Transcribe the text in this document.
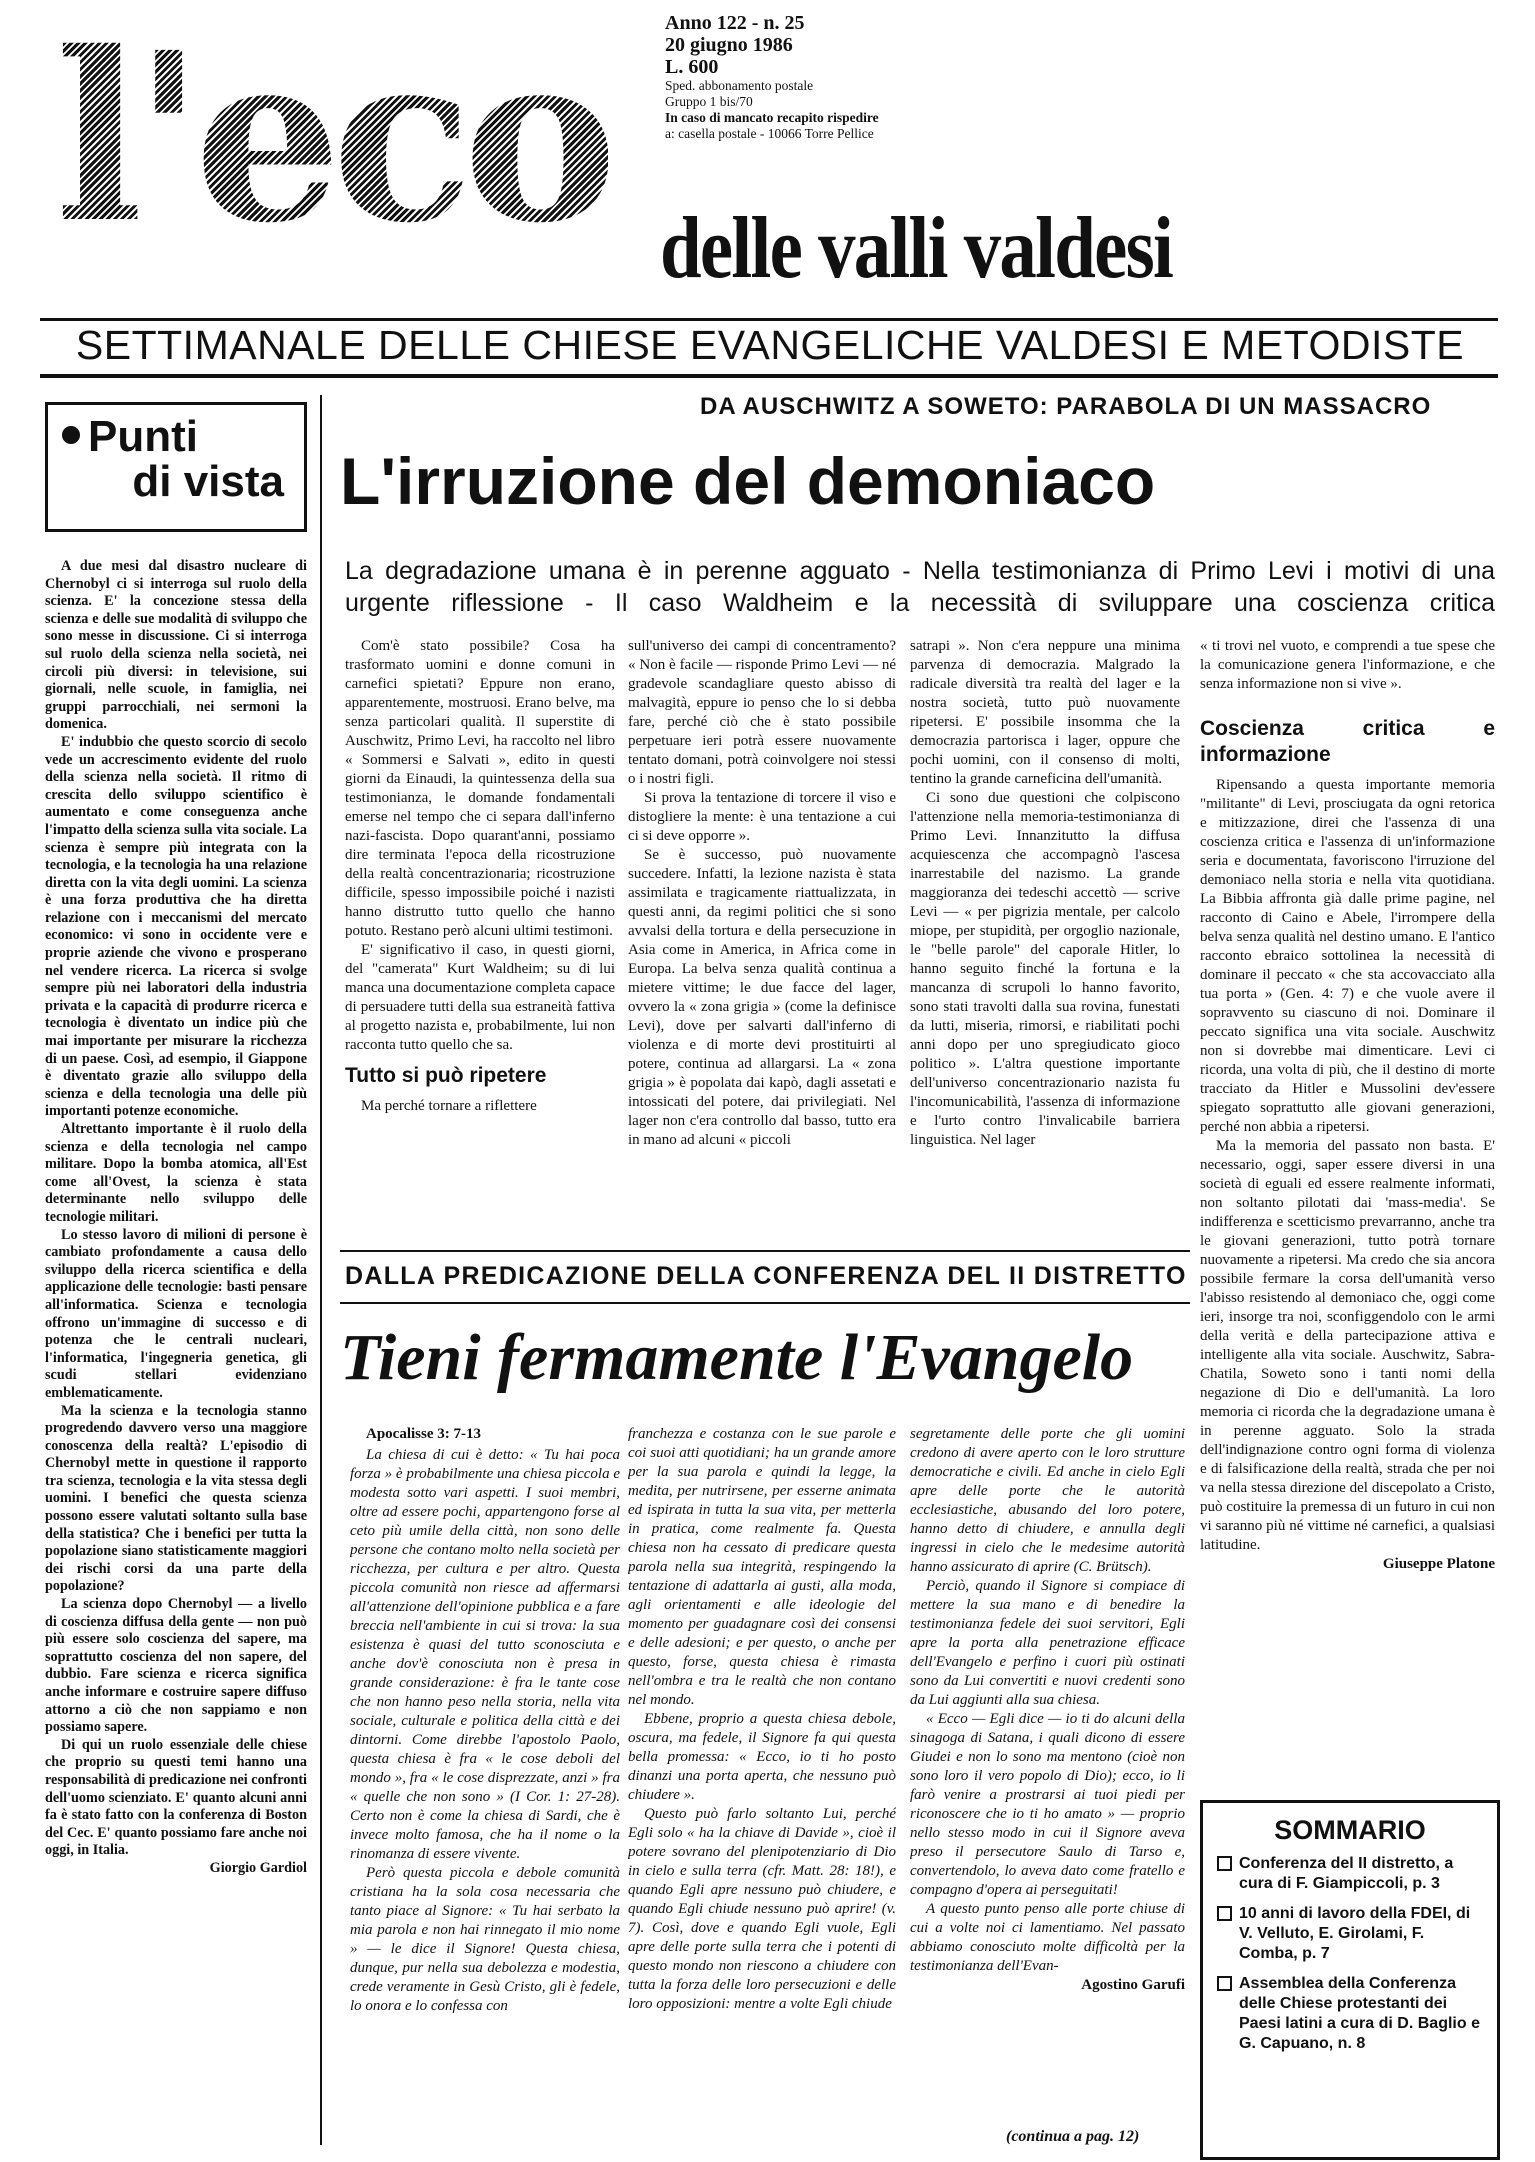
l'eco	Anno 122 - n. 25
20 giugno 1986
L. 600
Sped. abbonamento postale
Gruppo 1 bis/70
In caso di mancato recapito rispedire
a: casella postale - 10066 Torre Pellice
delle valli valdesi
SETTIMANALE DELLE CHIESE EVANGELICHE VALDESI E METODISTE
Punti
di vista

A due mesi dal disastro nucleare di Chernobyl ci si interroga sul ruolo della scienza. E' la concezione stessa della scienza e delle sue modalità di sviluppo che sono messe in discussione. Ci si interroga sul ruolo della scienza nella società, nei circoli più diversi: in televisione, sui giornali, nelle scuole, in famiglia, nei gruppi parrocchiali, nei sermoni la domenica.

E' indubbio che questo scorcio di secolo vede un accrescimento evidente del ruolo della scienza nella società. Il ritmo di crescita dello sviluppo scientifico è aumentato e come conseguenza anche l'impatto della scienza sulla vita sociale. La scienza è sempre più integrata con la tecnologia, e la tecnologia ha una relazione diretta con la vita degli uomini. La scienza è una forza produttiva che ha diretta relazione con i meccanismi del mercato economico: vi sono in occidente vere e proprie aziende che vivono e prosperano nel vendere ricerca. La ricerca si svolge sempre più nei laboratori della industria privata e la capacità di produrre ricerca e tecnologia è diventato un indice più che mai importante per misurare la ricchezza di un paese. Così, ad esempio, il Giappone è diventato grazie allo sviluppo della scienza e della tecnologia una delle più importanti potenze economiche.

Altrettanto importante è il ruolo della scienza e della tecnologia nel campo militare. Dopo la bomba atomica, all'Est come all'Ovest, la scienza è stata determinante nello sviluppo delle tecnologie militari.

Lo stesso lavoro di milioni di persone è cambiato profondamente a causa dello sviluppo della ricerca scientifica e della applicazione delle tecnologie: basti pensare all'informatica. Scienza e tecnologia offrono un'immagine di successo e di potenza che le centrali nucleari, l'informatica, l'ingegneria genetica, gli scudi stellari evidenziano emblematicamente.

Ma la scienza e la tecnologia stanno progredendo davvero verso una maggiore conoscenza della realtà? L'episodio di Chernobyl mette in questione il rapporto tra scienza, tecnologia e la vita stessa degli uomini. I benefici che questa scienza possono essere valutati soltanto sulla base della statistica? Che i benefici per tutta la popolazione siano statisticamente maggiori dei rischi corsi da una parte della popolazione?

La scienza dopo Chernobyl — a livello di coscienza diffusa della gente — non può più essere solo coscienza del sapere, ma soprattutto coscienza del non sapere, del dubbio. Fare scienza e ricerca significa anche informare e costruire sapere diffuso attorno a ciò che non sappiamo e non possiamo sapere.

Di qui un ruolo essenziale delle chiese che proprio su questi temi hanno una responsabilità di predicazione nei confronti dell'uomo scienziato. E' quanto alcuni anni fa è stato fatto con la conferenza di Boston del Cec. E' quanto possiamo fare anche noi oggi, in Italia.

Giorgio Gardiol

DA AUSCHWITZ A SOWETO: PARABOLA DI UN MASSACRO
L'irruzione del demoniaco
La degradazione umana è in perenne agguato - Nella testimonianza di Primo Levi i motivi di una urgente riflessione - Il caso Waldheim e la necessità di sviluppare una coscienza critica

Com'è stato possibile? Cosa ha trasformato uomini e donne comuni in carnefici spietati? Eppure non erano, apparentemente, mostruosi. Erano belve, ma senza particolari qualità. Il superstite di Auschwitz, Primo Levi, ha raccolto nel libro « Sommersi e Salvati », edito in questi giorni da Einaudi, la quintessenza della sua testimonianza, le domande fondamentali emerse nel tempo che ci separa dall'inferno nazi-fascista. Dopo quarant'anni, possiamo dire terminata l'epoca della ricostruzione della realtà concentrazionaria; ricostruzione difficile, spesso impossibile poiché i nazisti hanno distrutto tutto quello che hanno potuto. Restano però alcuni ultimi testimoni.

E' significativo il caso, in questi giorni, del "camerata" Kurt Waldheim; su di lui manca una documentazione completa capace di persuadere tutti della sua estraneità fattiva al progetto nazista e, probabilmente, lui non racconta tutto quello che sa.

Tutto si può ripetere

Ma perché tornare a riflettere

sull'universo dei campi di concentramento? « Non è facile — risponde Primo Levi — né gradevole scandagliare questo abisso di malvagità, eppure io penso che lo si debba fare, perché ciò che è stato possibile perpetuare ieri potrà essere nuovamente tentato domani, potrà coinvolgere noi stessi o i nostri figli.

Si prova la tentazione di torcere il viso e distogliere la mente: è una tentazione a cui ci si deve opporre ».

Se è successo, può nuovamente succedere. Infatti, la lezione nazista è stata assimilata e tragicamente riattualizzata, in questi anni, da regimi politici che si sono avvalsi della tortura e della persecuzione in Asia come in America, in Africa come in Europa. La belva senza qualità continua a mietere vittime; le due facce del lager, ovvero la « zona grigia » (come la definisce Levi), dove per salvarti dall'inferno di violenza e di morte devi prostituirti al potere, continua ad allargarsi. La « zona grigia » è popolata dai kapò, dagli assetati e intossicati del potere, dai privilegiati. Nel lager non c'era controllo dal basso, tutto era in mano ad alcuni « piccoli

satrapi ». Non c'era neppure una minima parvenza di democrazia. Malgrado la radicale diversità tra realtà del lager e la nostra società, tutto può nuovamente ripetersi. E' possibile insomma che la democrazia partorisca i lager, oppure che pochi uomini, con il consenso di molti, tentino la grande carneficina dell'umanità.

Ci sono due questioni che colpiscono l'attenzione nella memoria-testimonianza di Primo Levi. Innanzitutto la diffusa acquiescenza che accompagnò l'ascesa inarrestabile del nazismo. La grande maggioranza dei tedeschi accettò — scrive Levi — « per pigrizia mentale, per calcolo miope, per stupidità, per orgoglio nazionale, le "belle parole" del caporale Hitler, lo hanno seguito finché la fortuna e la mancanza di scrupoli lo hanno favorito, sono stati travolti dalla sua rovina, funestati da lutti, miseria, rimorsi, e riabilitati pochi anni dopo per uno spregiudicato gioco politico ». L'altra questione importante dell'universo concentrazionario nazista fu l'incomunicabilità, l'assenza di informazione e l'urto contro l'invalicabile barriera linguistica. Nel lager

« ti trovi nel vuoto, e comprendi a tue spese che la comunicazione genera l'informazione, e che senza informazione non si vive ».

Coscienza critica e informazione

Ripensando a questa importante memoria "militante" di Levi, prosciugata da ogni retorica e mitizzazione, direi che l'assenza di una coscienza critica e l'assenza di un'informazione seria e documentata, favoriscono l'irruzione del demoniaco nella storia e nella vita quotidiana. La Bibbia affronta già dalle prime pagine, nel racconto di Caino e Abele, l'irrompere della belva senza qualità nel destino umano. E l'antico racconto ebraico sottolinea la necessità di dominare il peccato « che sta accovacciato alla tua porta » (Gen. 4: 7) e che vuole avere il sopravvento su ciascuno di noi. Dominare il peccato significa una vita sociale. Auschwitz non si dovrebbe mai dimenticare. Levi ci ricorda, una volta di più, che il destino di morte tracciato da Hitler e Mussolini dev'essere spiegato soprattutto alle giovani generazioni, perché non abbia a ripetersi.

Ma la memoria del passato non basta. E' necessario, oggi, saper essere diversi in una società di eguali ed essere realmente informati, non soltanto pilotati dai 'mass-media'. Se indifferenza e scetticismo prevarranno, anche tra le giovani generazioni, tutto potrà tornare nuovamente a ripetersi. Ma credo che sia ancora possibile fermare la corsa dell'umanità verso l'abisso resistendo al demoniaco che, oggi come ieri, insorge tra noi, sconfiggendolo con le armi della verità e della partecipazione attiva e intelligente alla vita sociale. Auschwitz, Sabra-Chatila, Soweto sono i tanti nomi della negazione di Dio e dell'umanità. La loro memoria ci ricorda che la degradazione umana è in perenne agguato. Solo la strada dell'indignazione contro ogni forma di violenza e di falsificazione della realtà, strada che per noi va nella stessa direzione del discepolato a Cristo, può costituire la premessa di un futuro in cui non vi saranno più né vittime né carnefici, a qualsiasi latitudine.

Giuseppe Platone

DALLA PREDICAZIONE DELLA CONFERENZA DEL II DISTRETTO
Tieni fermamente l'Evangelo

Apocalisse 3: 7-13

La chiesa di cui è detto: « Tu hai poca forza » è probabilmente una chiesa piccola e modesta sotto vari aspetti. I suoi membri, oltre ad essere pochi, appartengono forse al ceto più umile della città, non sono delle persone che contano molto nella società per ricchezza, per cultura e per altro. Questa piccola comunità non riesce ad affermarsi all'attenzione dell'opinione pubblica e a fare breccia nell'ambiente in cui si trova: la sua esistenza è quasi del tutto sconosciuta e anche dov'è conosciuta non è presa in grande considerazione: è fra le tante cose che non hanno peso nella storia, nella vita sociale, culturale e politica della città e dei dintorni. Come direbbe l'apostolo Paolo, questa chiesa è fra « le cose deboli del mondo », fra « le cose disprezzate, anzi » fra « quelle che non sono » (I Cor. 1: 27-28). Certo non è come la chiesa di Sardi, che è invece molto famosa, che ha il nome o la rinomanza di essere vivente.

Però questa piccola e debole comunità cristiana ha la sola cosa necessaria che tanto piace al Signore: « Tu hai serbato la mia parola e non hai rinnegato il mio nome » — le dice il Signore! Questa chiesa, dunque, pur nella sua debolezza e modestia, crede veramente in Gesù Cristo, gli è fedele, lo onora e lo confessa con

franchezza e costanza con le sue parole e coi suoi atti quotidiani; ha un grande amore per la sua parola e quindi la legge, la medita, per nutrirsene, per esserne animata ed ispirata in tutta la sua vita, per metterla in pratica, come realmente fa. Questa chiesa non ha cessato di predicare questa parola nella sua integrità, respingendo la tentazione di adattarla ai gusti, alla moda, agli orientamenti e alle ideologie del momento per guadagnare così dei consensi e delle adesioni; e per questo, o anche per questo, forse, questa chiesa è rimasta nell'ombra e tra le realtà che non contano nel mondo.

Ebbene, proprio a questa chiesa debole, oscura, ma fedele, il Signore fa qui questa bella promessa: « Ecco, io ti ho posto dinanzi una porta aperta, che nessuno può chiudere ».

Questo può farlo soltanto Lui, perché Egli solo « ha la chiave di Davide », cioè il potere sovrano del plenipotenziario di Dio in cielo e sulla terra (cfr. Matt. 28: 18!), e quando Egli apre nessuno può chiudere, e quando Egli chiude nessuno può aprire! (v. 7). Così, dove e quando Egli vuole, Egli apre delle porte sulla terra che i potenti di questo mondo non riescono a chiudere con tutta la forza delle loro persecuzioni e delle loro opposizioni: mentre a volte Egli chiude

segretamente delle porte che gli uomini credono di avere aperto con le loro strutture democratiche e civili. Ed anche in cielo Egli apre delle porte che le autorità ecclesiastiche, abusando del loro potere, hanno detto di chiudere, e annulla degli ingressi in cielo che le medesime autorità hanno assicurato di aprire (C. Brütsch).

Perciò, quando il Signore si compiace di mettere la sua mano e di benedire la testimonianza fedele dei suoi servitori, Egli apre la porta alla penetrazione efficace dell'Evangelo e perfino i cuori più ostinati sono da Lui convertiti e nuovi credenti sono da Lui aggiunti alla sua chiesa.

« Ecco — Egli dice — io ti do alcuni della sinagoga di Satana, i quali dicono di essere Giudei e non lo sono ma mentono (cioè non sono loro il vero popolo di Dio); ecco, io li farò venire a prostrarsi ai tuoi piedi per riconoscere che io ti ho amato » — proprio nello stesso modo in cui il Signore aveva preso il persecutore Saulo di Tarso e, convertendolo, lo aveva dato come fratello e compagno d'opera ai perseguitati!

A questo punto penso alle porte chiuse di cui a volte noi ci lamentiamo. Nel passato abbiamo conosciuto molte difficoltà per la testimonianza dell'Evan-

Agostino Garufi

(continua a pag. 12)
SOMMARIO
Conferenza del II distretto, a cura di F. Giampiccoli, p. 3
10 anni di lavoro della FDEI, di V. Velluto, E. Girolami, F. Comba, p. 7
Assemblea della Conferenza delle Chiese protestanti dei Paesi latini a cura di D. Baglio e G. Capuano, n. 8
